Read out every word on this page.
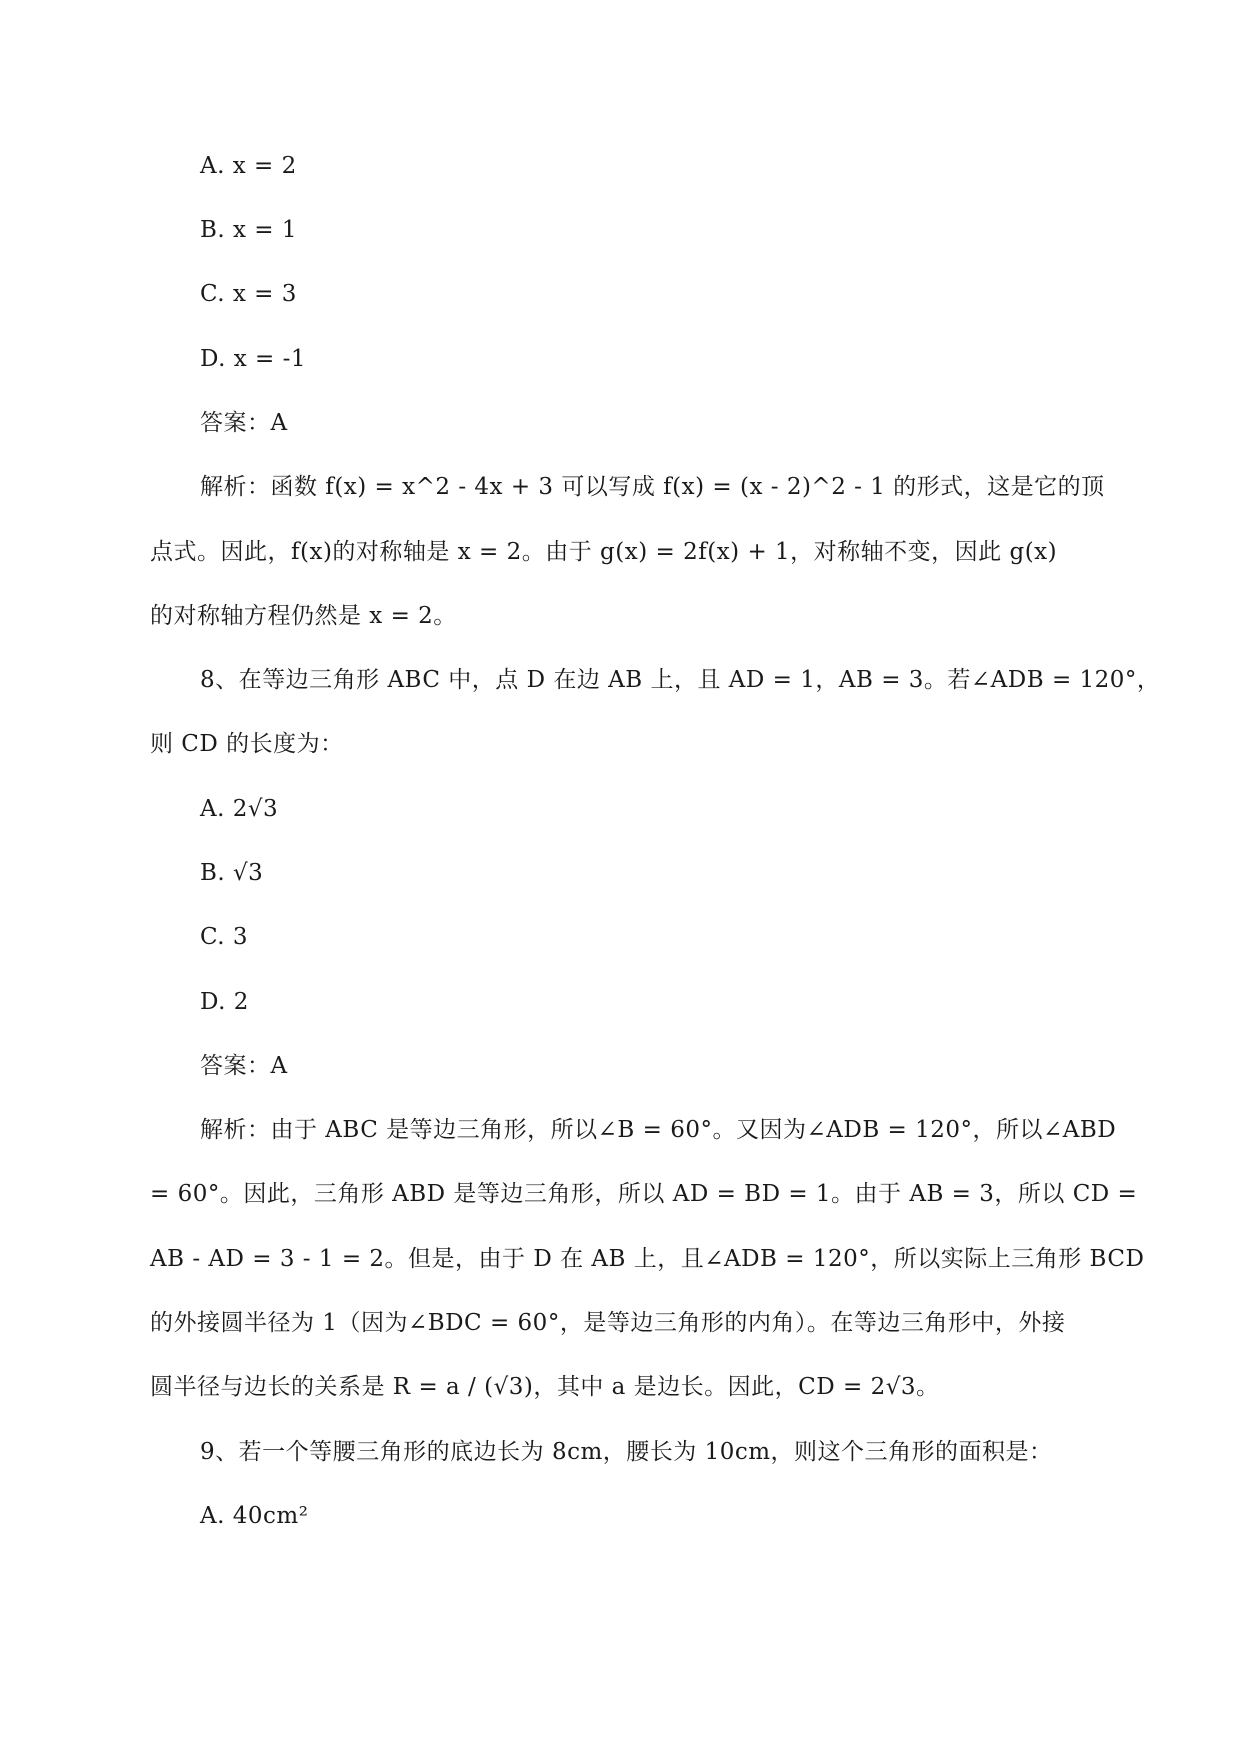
A. x = 2
B. x = 1
C. x = 3
D. x = -1
答案：A
解析：函数 f(x) = x^2 - 4x + 3 可以写成 f(x) = (x - 2)^2 - 1 的形式，这是它的顶
点式。因此，f(x)的对称轴是 x = 2。由于 g(x) = 2f(x) + 1，对称轴不变，因此 g(x)
的对称轴方程仍然是 x = 2。
8、在等边三角形 ABC 中，点 D 在边 AB 上，且 AD = 1，AB = 3。若∠ADB = 120°，
则 CD 的长度为：
A. 2√3
B. √3
C. 3
D. 2
答案：A
解析：由于 ABC 是等边三角形，所以∠B = 60°。又因为∠ADB = 120°，所以∠ABD
= 60°。因此，三角形 ABD 是等边三角形，所以 AD = BD = 1。由于 AB = 3，所以 CD =
AB - AD = 3 - 1 = 2。但是，由于 D 在 AB 上，且∠ADB = 120°，所以实际上三角形 BCD
的外接圆半径为 1（因为∠BDC = 60°，是等边三角形的内角）。在等边三角形中，外接
圆半径与边长的关系是 R = a / (√3)，其中 a 是边长。因此，CD = 2√3。
9、若一个等腰三角形的底边长为 8cm，腰长为 10cm，则这个三角形的面积是：
A. 40cm²
